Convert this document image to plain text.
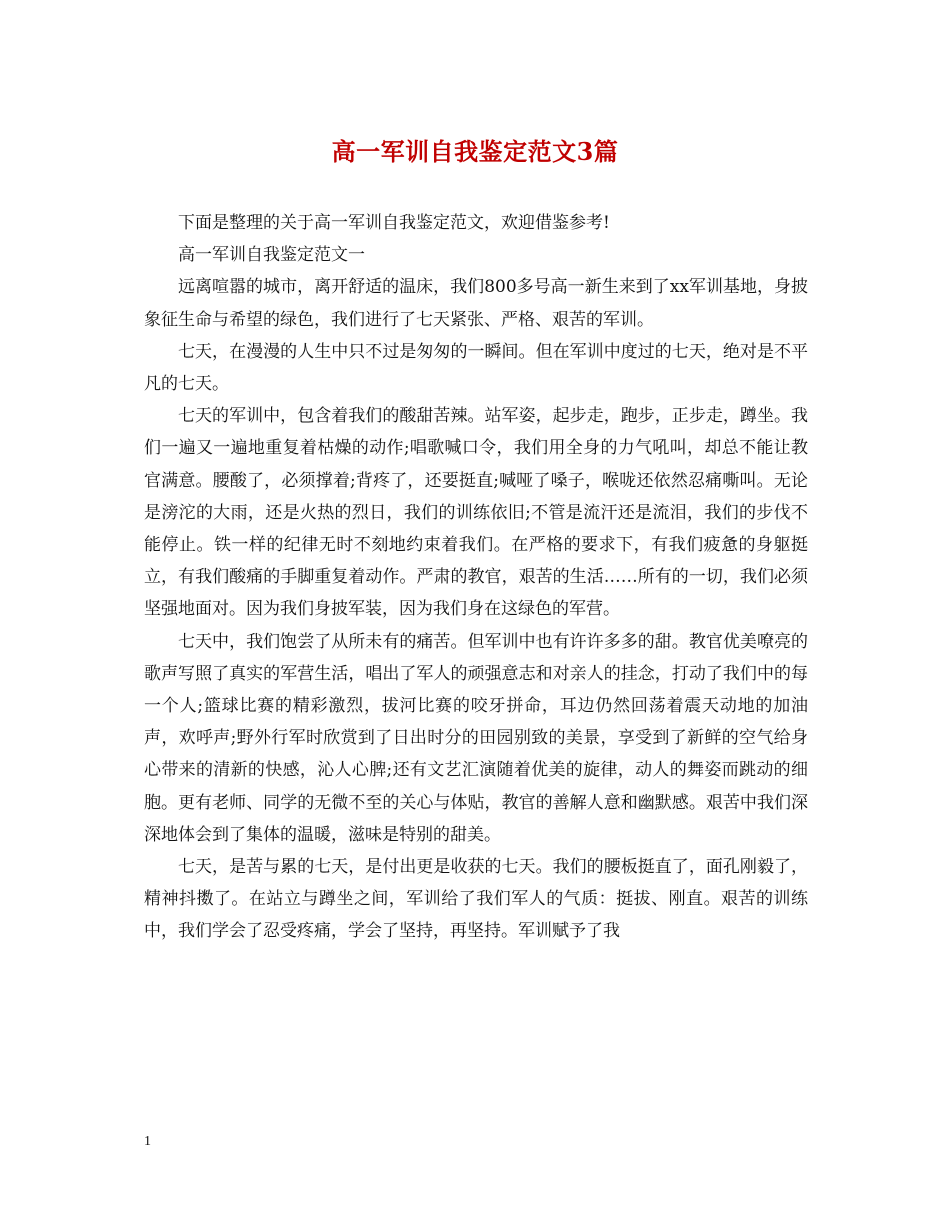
高一军训自我鉴定范文3篇

下面是整理的关于高一军训自我鉴定范文，欢迎借鉴参考!

高一军训自我鉴定范文一

远离喧嚣的城市，离开舒适的温床，我们800多号高一新生来到了xx军训基地，身披象征生命与希望的绿色，我们进行了七天紧张、严格、艰苦的军训。

七天，在漫漫的人生中只不过是匆匆的一瞬间。但在军训中度过的七天，绝对是不平凡的七天。

七天的军训中，包含着我们的酸甜苦辣。站军姿，起步走，跑步，正步走，蹲坐。我们一遍又一遍地重复着枯燥的动作;唱歌喊口令，我们用全身的力气吼叫，却总不能让教官满意。腰酸了，必须撑着;背疼了，还要挺直;喊哑了嗓子，喉咙还依然忍痛嘶叫。无论是滂沱的大雨，还是火热的烈日，我们的训练依旧;不管是流汗还是流泪，我们的步伐不能停止。铁一样的纪律无时不刻地约束着我们。在严格的要求下，有我们疲惫的身躯挺立，有我们酸痛的手脚重复着动作。严肃的教官，艰苦的生活……所有的一切，我们必须坚强地面对。因为我们身披军装，因为我们身在这绿色的军营。

七天中，我们饱尝了从所未有的痛苦。但军训中也有许许多多的甜。教官优美嘹亮的歌声写照了真实的军营生活，唱出了军人的顽强意志和对亲人的挂念，打动了我们中的每一个人;篮球比赛的精彩激烈，拔河比赛的咬牙拼命，耳边仍然回荡着震天动地的加油声，欢呼声;野外行军时欣赏到了日出时分的田园别致的美景，享受到了新鲜的空气给身心带来的清新的快感，沁人心脾;还有文艺汇演随着优美的旋律，动人的舞姿而跳动的细胞。更有老师、同学的无微不至的关心与体贴，教官的善解人意和幽默感。艰苦中我们深深地体会到了集体的温暖，滋味是特别的甜美。

七天，是苦与累的七天，是付出更是收获的七天。我们的腰板挺直了，面孔刚毅了，精神抖擞了。在站立与蹲坐之间，军训给了我们军人的气质：挺拔、刚直。艰苦的训练中，我们学会了忍受疼痛，学会了坚持，再坚持。军训赋予了我

1
